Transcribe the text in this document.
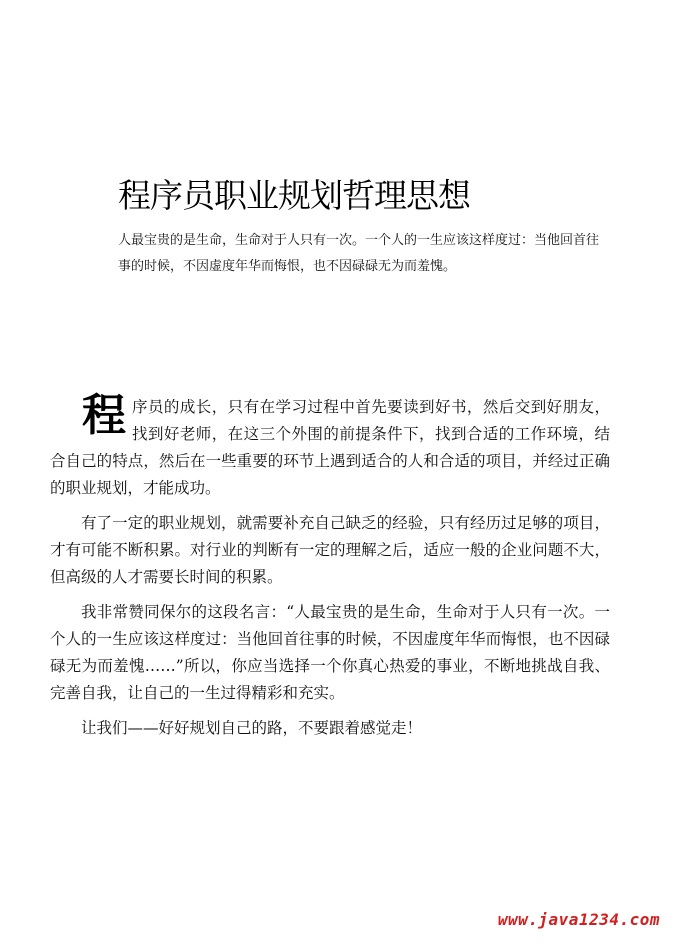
程序员职业规划哲理思想

人最宝贵的是生命，生命对于人只有一次。一个人的一生应该这样度过：当他回首往事的时候，不因虚度年华而悔恨，也不因碌碌无为而羞愧。

程 序员的成长，只有在学习过程中首先要读到好书，然后交到好朋友，找到好老师，在这三个外围的前提条件下，找到合适的工作环境，结合自己的特点，然后在一些重要的环节上遇到适合的人和合适的项目，并经过正确的职业规划，才能成功。

有了一定的职业规划，就需要补充自己缺乏的经验，只有经历过足够的项目，才有可能不断积累。对行业的判断有一定的理解之后，适应一般的企业问题不大，但高级的人才需要长时间的积累。

我非常赞同保尔的这段名言：“人最宝贵的是生命，生命对于人只有一次。一个人的一生应该这样度过：当他回首往事的时候，不因虚度年华而悔恨，也不因碌碌无为而羞愧……”所以，你应当选择一个你真心热爱的事业，不断地挑战自我、完善自我，让自己的一生过得精彩和充实。

让我们——好好规划自己的路，不要跟着感觉走！

www.java1234.com
